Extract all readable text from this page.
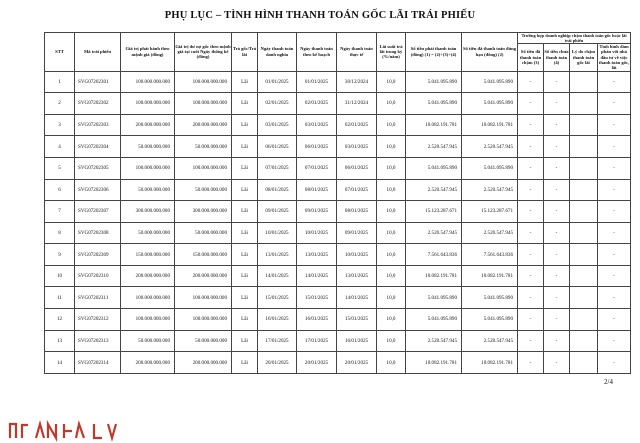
PHỤ LỤC – TÌNH HÌNH THANH TOÁN GỐC LÃI TRÁI PHIẾU
STT	Mã trái phiếu	Giá trị phát hành theo mệnh giá (đồng)	Giá trị dư nợ gốc theo mệnh giá tại cuối Ngày thống kê (đồng)	Trả gốc/Trả lãi	Ngày thanh toán danh nghĩa	Ngày thanh toán theo kế hoạch	Ngày thanh toán thực tế	Lãi suất trả lãi trong kỳ (%/năm)	Số tiền phải thanh toán (đồng) (1) = (2)+(3)+(4)	Số tiền đã thanh toán đúng hạn (đồng) (2)	Trường hợp doanh nghiệp chậm thanh toán gốc hoặc lãi trái phiếu			
											Số tiền đã thanh toán chậm (3)	Số tiền chưa thanh toán (4)	Lý do chậm thanh toán gốc lãi	Tình hình đàm phán với nhà đầu tư về việc thanh toán gốc, lãi
1	SVG07202301	100.000.000.000	100.000.000.000	Lãi	01/01/2025	01/01/2025	30/12/2024	10,0	5.041.095.890	5.041.095.890	-	-		-
2	SVG07202302	100.000.000.000	100.000.000.000	Lãi	02/01/2025	02/01/2025	31/12/2024	10,0	5.041.095.890	5.041.095.890	-	-		-
3	SVG07202303	200.000.000.000	200.000.000.000	Lãi	03/01/2025	03/01/2025	02/01/2025	10,0	10.082.191.781	10.082.191.781	-	-		-
4	SVG07202304	50.000.000.000	50.000.000.000	Lãi	06/01/2025	06/01/2025	03/01/2025	10,0	2.520.547.945	2.520.547.945	-	-		-
5	SVG07202305	100.000.000.000	100.000.000.000	Lãi	07/01/2025	07/01/2025	06/01/2025	10,0	5.041.095.890	5.041.095.890	-	-		-
6	SVG07202306	50.000.000.000	50.000.000.000	Lãi	08/01/2025	08/01/2025	07/01/2025	10,0	2.520.547.945	2.520.547.945	-	-		-
7	SVG07202307	300.000.000.000	300.000.000.000	Lãi	09/01/2025	09/01/2025	08/01/2025	10,0	15.123.287.671	15.123.287.671	-	-		-
8	SVG07202308	50.000.000.000	50.000.000.000	Lãi	10/01/2025	10/01/2025	09/01/2025	10,0	2.520.547.945	2.520.547.945	-	-		-
9	SVG07202309	150.000.000.000	150.000.000.000	Lãi	13/01/2025	13/01/2025	10/01/2025	10,0	7.561.643.836	7.561.643.836	-	-		-
10	SVG07202310	200.000.000.000	200.000.000.000	Lãi	14/01/2025	14/01/2025	13/01/2025	10,0	10.082.191.781	10.082.191.781	-	-		-
11	SVG07202311	100.000.000.000	100.000.000.000	Lãi	15/01/2025	15/01/2025	14/01/2025	10,0	5.041.095.890	5.041.095.890	-	-		-
12	SVG07202312	100.000.000.000	100.000.000.000	Lãi	16/01/2025	16/01/2025	15/01/2025	10,0	5.041.095.890	5.041.095.890	-	-		-
13	SVG07202313	50.000.000.000	50.000.000.000	Lãi	17/01/2025	17/01/2025	16/01/2025	10,0	2.520.547.945	2.520.547.945	-	-		-
14	SVG07202314	200.000.000.000	200.000.000.000	Lãi	20/01/2025	20/01/2025	20/01/2025	10,0	10.082.191.781	10.082.191.781	-	-		-
2/4
